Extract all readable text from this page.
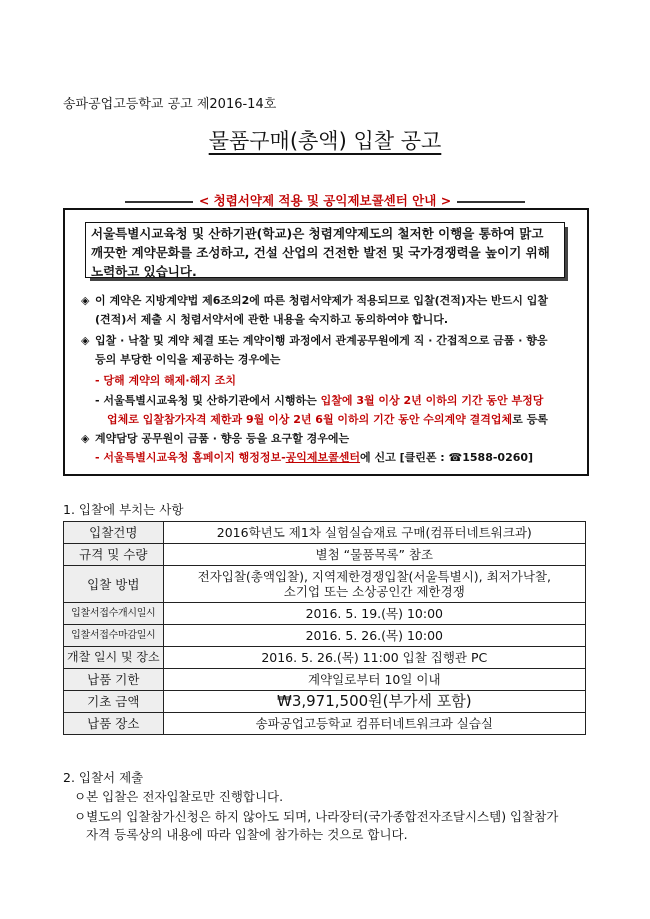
송파공업고등학교 공고 제2016-14호
물품구매(총액) 입찰 공고
< 청렴서약제 적용 및 공익제보콜센터 안내 >
서울특별시교육청 및 산하기관(학교)은 청렴계약제도의 철저한 이행을 통하여 맑고 깨끗한 계약문화를 조성하고, 건설 산업의 건전한 발전 및 국가경쟁력을 높이기 위해 노력하고 있습니다.
◈ 이 계약은 지방계약법 제6조의2에 따른 청렴서약제가 적용되므로 입찰(견적)자는 반드시 입찰
(견적)서 제출 시 청렴서약서에 관한 내용을 숙지하고 동의하여야 합니다.
◈ 입찰 · 낙찰 및 계약 체결 또는 계약이행 과정에서 관계공무원에게 직 · 간접적으로 금품 · 향응
등의 부당한 이익을 제공하는 경우에는
- 당해 계약의 해제·해지 조치
- 서울특별시교육청 및 산하기관에서 시행하는 입찰에 3월 이상 2년 이하의 기간 동안 부정당
업체로 입찰참가자격 제한과 9월 이상 2년 6월 이하의 기간 동안 수의계약 결격업체로 등록
◈ 계약담당 공무원이 금품 · 향응 등을 요구할 경우에는
- 서울특별시교육청 홈페이지 행정정보-공익제보콜센터에 신고 [클린폰 : ☎1588-0260]
1. 입찰에 부치는 사항
입찰건명	2016학년도 제1차 실험실습재료 구매(컴퓨터네트워크과)
규격 및 수량	별첨 “물품목록” 참조
입찰 방법	전자입찰(총액입찰), 지역제한경쟁입찰(서울특별시), 최저가낙찰,
소기업 또는 소상공인간 제한경쟁
입찰서접수개시일시	2016. 5. 19.(목) 10:00
입찰서접수마감일시	2016. 5. 26.(목) 10:00
개찰 일시 및 장소	2016. 5. 26.(목) 11:00 입찰 집행관 PC
납품 기한	계약일로부터 10일 이내
기초 금액	₩3,971,500원(부가세 포함)
납품 장소	송파공업고등학교 컴퓨터네트워크과 실습실
2. 입찰서 제출
ㅇ본 입찰은 전자입찰로만 진행합니다.
ㅇ별도의 입찰참가신청은 하지 않아도 되며, 나라장터(국가종합전자조달시스템) 입찰참가
자격 등록상의 내용에 따라 입찰에 참가하는 것으로 합니다.
